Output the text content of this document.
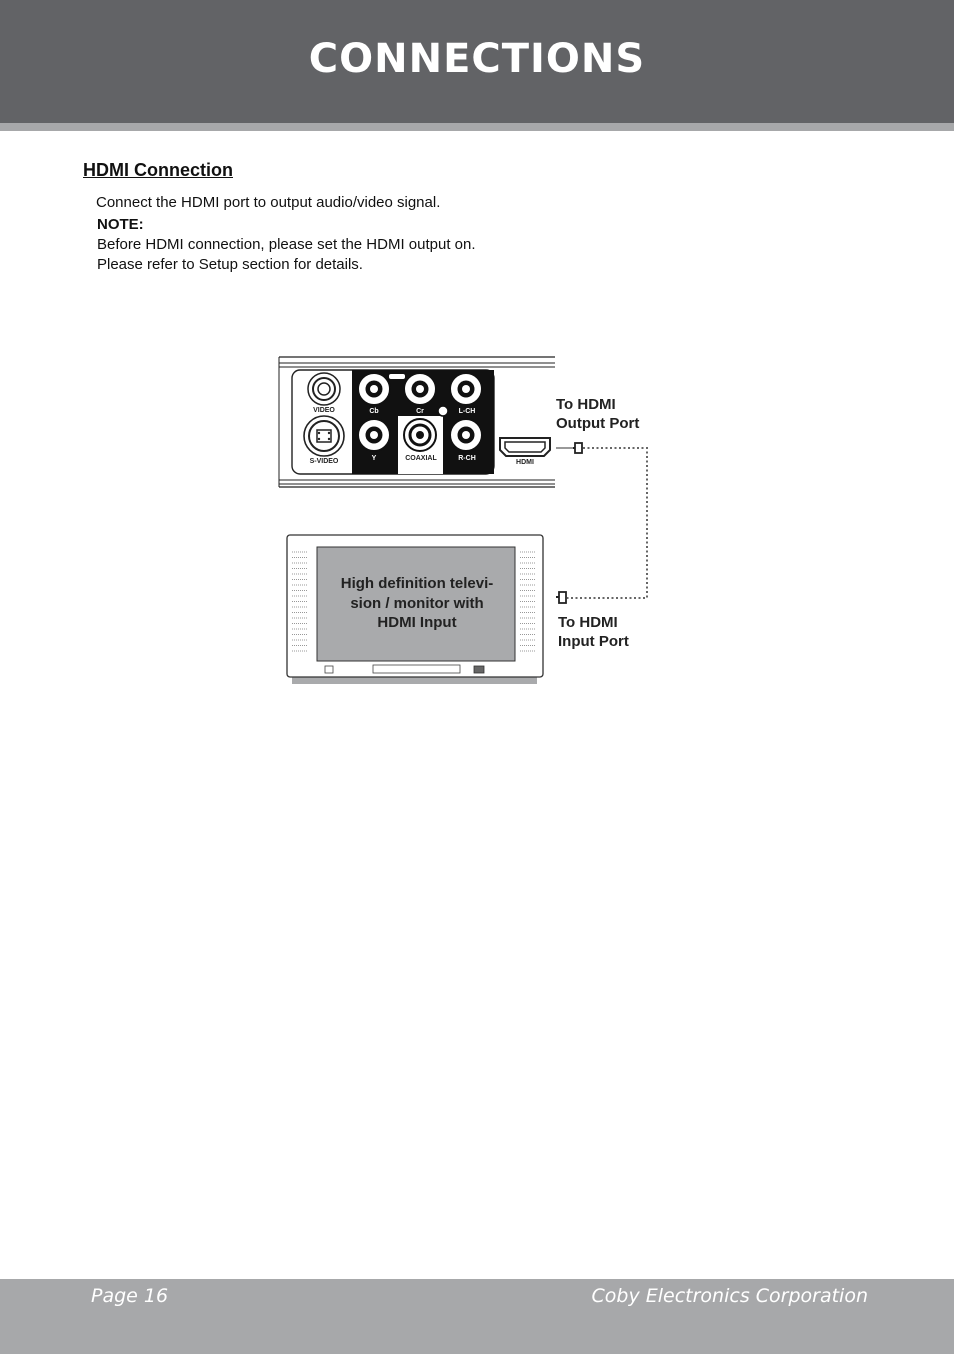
CONNECTIONS
HDMI Connection
Connect the HDMI port to output audio/video signal.
NOTE:
Before HDMI connection, please set the HDMI output on.
Please refer to Setup section for details.
VIDEO
S-VIDEO
Cb	Cr	L-CH
Y	COAXIAL	R-CH
HDMI
To HDMI
Output Port
To HDMI
Input Port
High definition televi-
sion / monitor with
HDMI Input
Page 16	Coby Electronics Corporation
